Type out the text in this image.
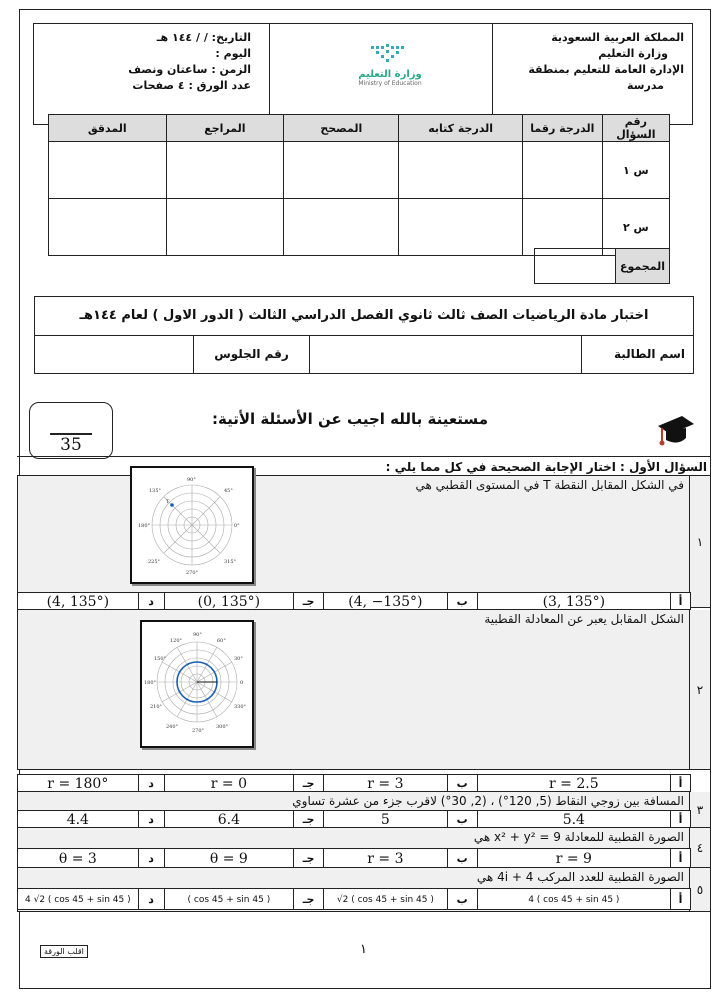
المملكة العربية السعودية
وزارة التعليم
الإدارة العامة للتعليم بمنطقة
مدرسة
وزارة التعليم
Ministry of Education
التاريخ: / / ١٤٤ هـ
اليوم :
الزمن : ساعتان ونصف
عدد الورق : ٤ صفحات
المدقق	المراجع	المصحح	الدرجة كتابه	الدرجة رقما	رقم السؤال
					س ١
					س ٢
	المجموع
اختبار مادة الرياضيات الصف ثالث ثانوي الفصل الدراسي الثالث ( الدور الاول ) لعام ١٤٤هـ
اسم الطالبة
رقم الجلوس
35
مستعينة بالله اجيب عن الأسئلة الأتية:
السؤال الأول : اختار الإجابة الصحيحة في كل مما يلي :
١
في الشكل المقابل النقطة T في المستوى القطبي هي
90°
45°
135°
0°
180°
225°	315°
270°
T
(4, 135°)	د	(0, 135°)	جـ	(4, −135°)	ب	(3, 135°)	أ
٢
الشكل المقابل يعبر عن المعادلة القطبية
90°
60°
120°
150°	30°
180°	0
210°	330°
240°
270°
300°
r = 180°	د	r = 0	جـ	r = 3	ب	r = 2.5	أ
٣
المسافة بين زوجي النقاط (5, 120°) ، (2, 30°) لاقرب جزء من عشرة تساوي
4.4	د	6.4	جـ	5	ب	5.4	أ
٤
الصورة القطبية للمعادلة x² + y² = 9 هي
θ = 3	د	θ = 9	جـ	r = 3	ب	r = 9	أ
٥
الصورة القطبية للعدد المركب 4 + 4i هي
4 √2 ( cos 45 + sin 45 )	د	( cos 45 + sin 45 )	جـ	√2 ( cos 45 + sin 45 )	ب	4 ( cos 45 + sin 45 )	أ
اقلب الورقة	١
